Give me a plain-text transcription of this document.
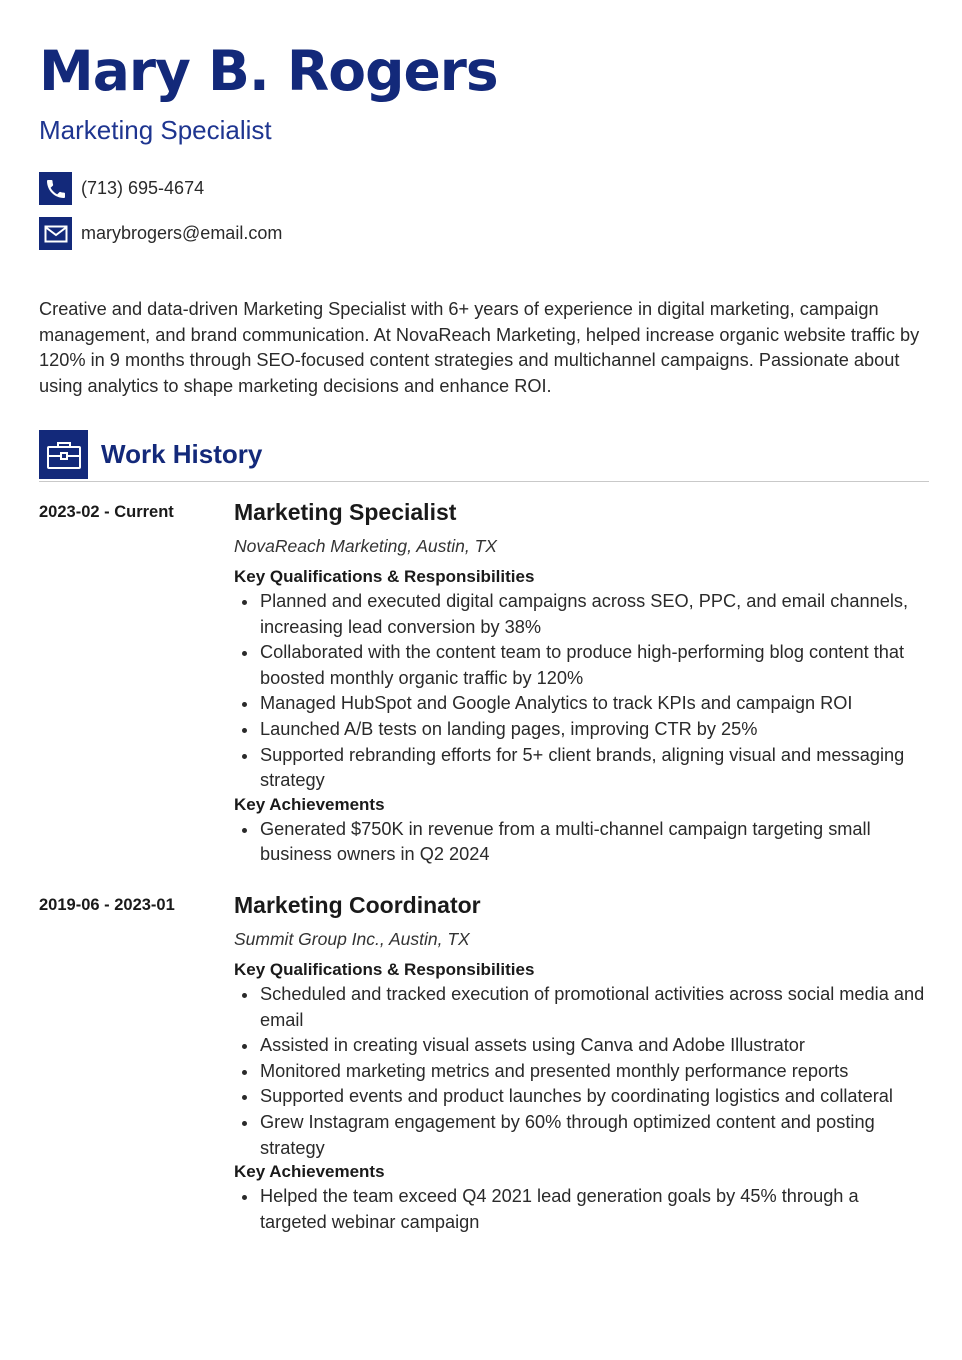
Mary B. Rogers
Marketing Specialist
(713) 695-4674
marybrogers@email.com

Creative and data-driven Marketing Specialist with 6+ years of experience in digital marketing, campaign management, and brand communication. At NovaReach Marketing, helped increase organic website traffic by 120% in 9 months through SEO-focused content strategies and multichannel campaigns. Passionate about using analytics to shape marketing decisions and enhance ROI.

Work History
2023-02 - Current	Marketing Specialist
NovaReach Marketing, Austin, TX
Key Qualifications & Responsibilities
Planned and executed digital campaigns across SEO, PPC, and email channels, increasing lead conversion by 38%
Collaborated with the content team to produce high-performing blog content that boosted monthly organic traffic by 120%
Managed HubSpot and Google Analytics to track KPIs and campaign ROI
Launched A/B tests on landing pages, improving CTR by 25%
Supported rebranding efforts for 5+ client brands, aligning visual and messaging strategy
Key Achievements
Generated $750K in revenue from a multi-channel campaign targeting small business owners in Q2 2024
2019-06 - 2023-01	Marketing Coordinator
Summit Group Inc., Austin, TX
Key Qualifications & Responsibilities
Scheduled and tracked execution of promotional activities across social media and email
Assisted in creating visual assets using Canva and Adobe Illustrator
Monitored marketing metrics and presented monthly performance reports
Supported events and product launches by coordinating logistics and collateral
Grew Instagram engagement by 60% through optimized content and posting strategy
Key Achievements
Helped the team exceed Q4 2021 lead generation goals by 45% through a targeted webinar campaign
